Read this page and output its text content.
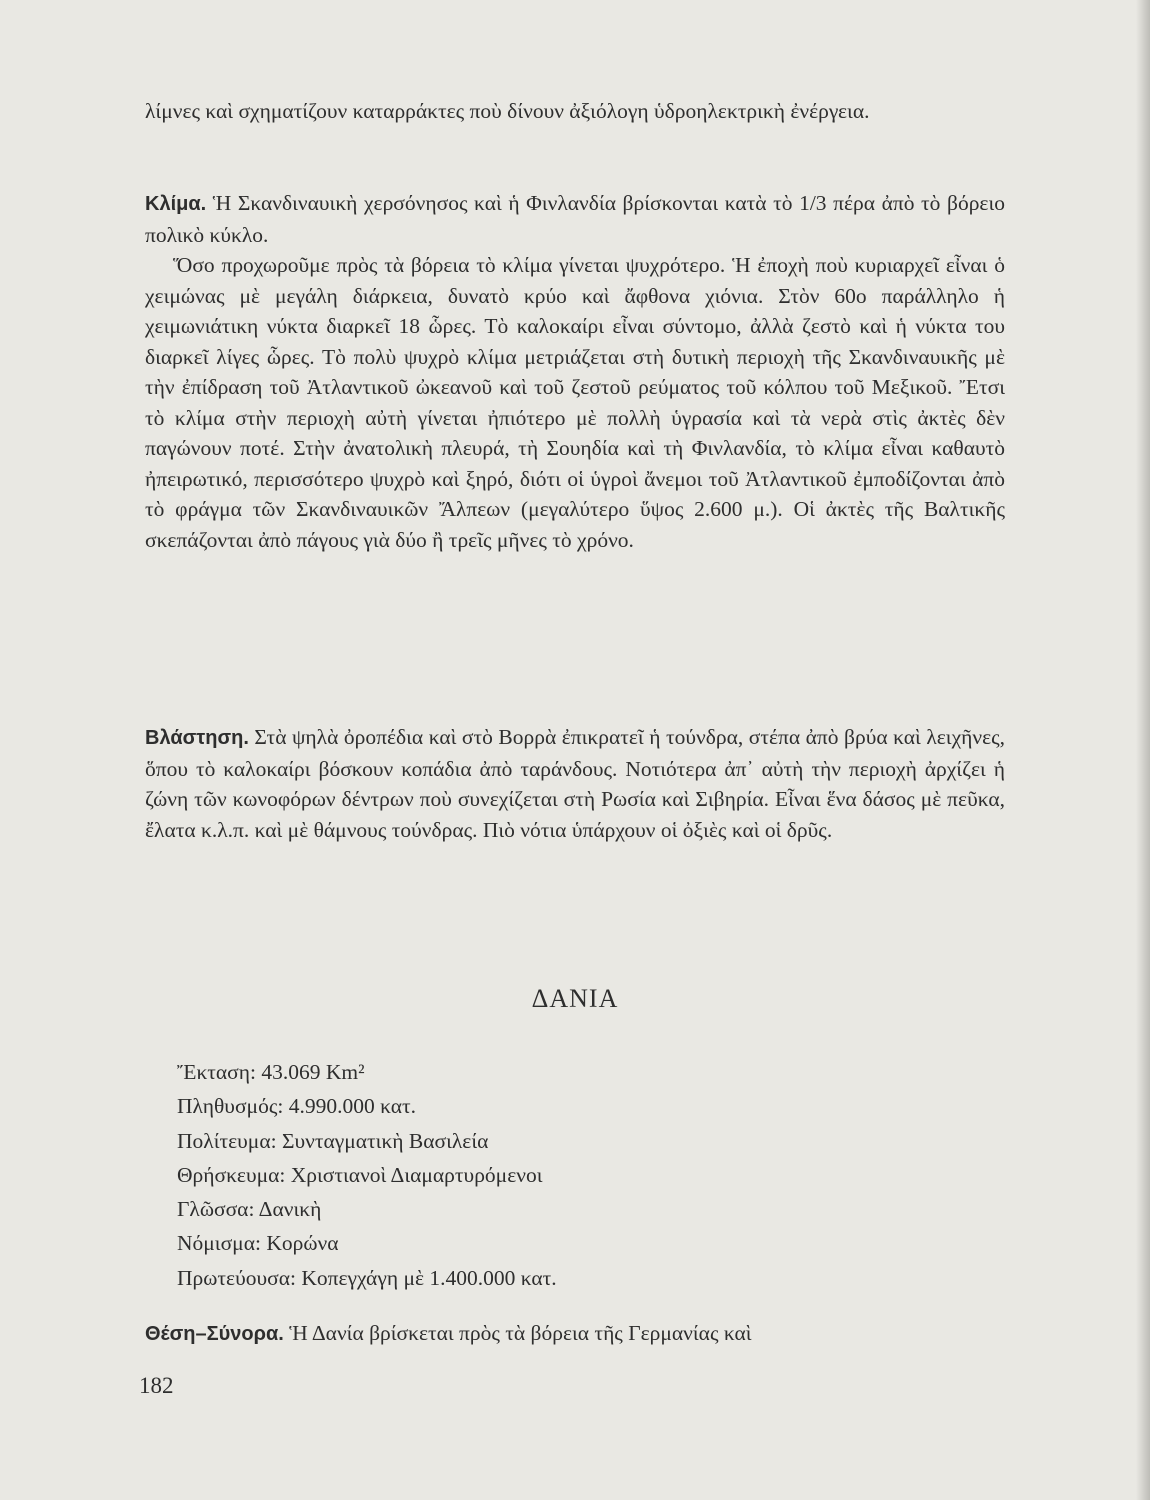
λίμνες καὶ σχηματίζουν καταρράκτες ποὺ δίνουν ἀξιόλογη ὑδροηλεκτρικὴ ἐνέργεια.

Κλίμα. Ἡ Σκανδιναυικὴ χερσόνησος καὶ ἡ Φινλανδία βρίσκονται κατὰ τὸ 1/3 πέρα ἀπὸ τὸ βόρειο πολικὸ κύκλο.

Ὅσο προχωροῦμε πρὸς τὰ βόρεια τὸ κλίμα γίνεται ψυχρότερο. Ἡ ἐποχὴ ποὺ κυριαρχεῖ εἶναι ὁ χειμώνας μὲ μεγάλη διάρκεια, δυνατὸ κρύο καὶ ἄφθονα χιόνια. Στὸν 60ο παράλληλο ἡ χειμωνιάτικη νύκτα διαρκεῖ 18 ὧρες. Τὸ καλοκαίρι εἶναι σύντομο, ἀλλὰ ζεστὸ καὶ ἡ νύκτα του διαρκεῖ λίγες ὧρες. Τὸ πολὺ ψυχρὸ κλίμα μετριάζεται στὴ δυτικὴ περιοχὴ τῆς Σκανδιναυικῆς μὲ τὴν ἐπίδραση τοῦ Ἀτλαντικοῦ ὠκεανοῦ καὶ τοῦ ζεστοῦ ρεύματος τοῦ κόλπου τοῦ Μεξικοῦ. Ἔτσι τὸ κλίμα στὴν περιοχὴ αὐτὴ γίνεται ἠπιότερο μὲ πολλὴ ὑγρασία καὶ τὰ νερὰ στὶς ἀκτὲς δὲν παγώνουν ποτέ. Στὴν ἀνατολικὴ πλευρά, τὴ Σουηδία καὶ τὴ Φινλανδία, τὸ κλίμα εἶναι καθαυτὸ ἠπειρωτικό, περισσότερο ψυχρὸ καὶ ξηρό, διότι οἱ ὑγροὶ ἄνεμοι τοῦ Ἀτλαντικοῦ ἐμποδίζονται ἀπὸ τὸ φράγμα τῶν Σκανδιναυικῶν Ἄλπεων (μεγαλύτερο ὕψος 2.600 μ.). Οἱ ἀκτὲς τῆς Βαλτικῆς σκεπάζονται ἀπὸ πάγους γιὰ δύο ἢ τρεῖς μῆνες τὸ χρόνο.

Βλάστηση. Στὰ ψηλὰ ὀροπέδια καὶ στὸ Βορρὰ ἐπικρατεῖ ἡ τούνδρα, στέπα ἀπὸ βρύα καὶ λειχῆνες, ὅπου τὸ καλοκαίρι βόσκουν κοπάδια ἀπὸ ταράνδους. Νοτιότερα ἀπ᾿ αὐτὴ τὴν περιοχὴ ἀρχίζει ἡ ζώνη τῶν κωνοφόρων δέντρων ποὺ συνεχίζεται στὴ Ρωσία καὶ Σιβηρία. Εἶναι ἕνα δάσος μὲ πεῦκα, ἔλατα κ.λ.π. καὶ μὲ θάμνους τούνδρας. Πιὸ νότια ὑπάρχουν οἱ ὀξιὲς καὶ οἱ δρῦς.

ΔΑΝΙΑ
Ἔκταση: 43.069 Km²
Πληθυσμός: 4.990.000 κατ.
Πολίτευμα: Συνταγματικὴ Βασιλεία
Θρήσκευμα: Χριστιανοὶ Διαμαρτυρόμενοι
Γλῶσσα: Δανικὴ
Νόμισμα: Κορώνα
Πρωτεύουσα: Κοπεγχάγη μὲ 1.400.000 κατ.

Θέση–Σύνορα. Ἡ Δανία βρίσκεται πρὸς τὰ βόρεια τῆς Γερμανίας καὶ

182
